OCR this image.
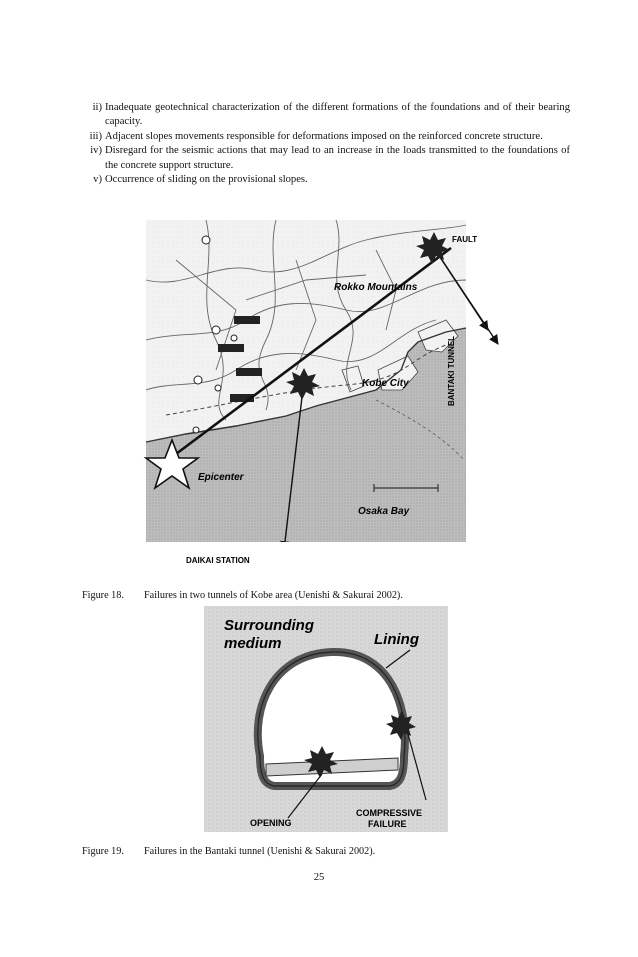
ii) Inadequate geotechnical characterization of the different formations of the foundations and of their bearing capacity.
iii) Adjacent slopes movements responsible for deformations imposed on the reinforced concrete structure.
iv) Disregard for the seismic actions that may lead to an increase in the loads transmitted to the foundations of the concrete support structure.
v) Occurrence of sliding on the provisional slopes.
FAULT
Rokko Mountains
Kobe City	BANTAKI TUNNEL
Epicenter
Osaka Bay
DAIKAI STATION
Figure 18. Failures in two tunnels of Kobe area (Uenishi & Sakurai 2002).
Surrounding
medium	Lining
OPENING
COMPRESSIVE
FAILURE
Figure 19. Failures in the Bantaki tunnel (Uenishi & Sakurai 2002).
25
